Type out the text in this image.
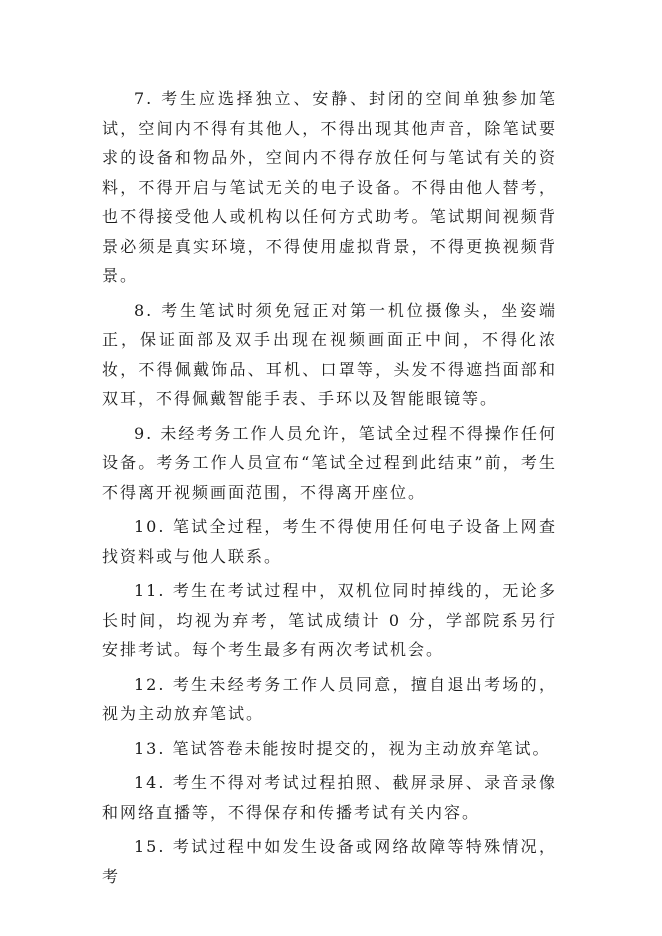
7. 考生应选择独立、安静、封闭的空间单独参加笔试，空间内不得有其他人，不得出现其他声音，除笔试要求的设备和物品外，空间内不得存放任何与笔试有关的资料，不得开启与笔试无关的电子设备。不得由他人替考，也不得接受他人或机构以任何方式助考。笔试期间视频背景必须是真实环境，不得使用虚拟背景，不得更换视频背景。

8. 考生笔试时须免冠正对第一机位摄像头，坐姿端正，保证面部及双手出现在视频画面正中间，不得化浓妆，不得佩戴饰品、耳机、口罩等，头发不得遮挡面部和双耳，不得佩戴智能手表、手环以及智能眼镜等。

9. 未经考务工作人员允许，笔试全过程不得操作任何设备。考务工作人员宣布“笔试全过程到此结束”前，考生不得离开视频画面范围，不得离开座位。

10. 笔试全过程，考生不得使用任何电子设备上网查找资料或与他人联系。

11. 考生在考试过程中，双机位同时掉线的，无论多长时间，均视为弃考，笔试成绩计 0 分，学部院系另行安排考试。每个考生最多有两次考试机会。

12. 考生未经考务工作人员同意，擅自退出考场的，视为主动放弃笔试。

13. 笔试答卷未能按时提交的，视为主动放弃笔试。

14. 考生不得对考试过程拍照、截屏录屏、录音录像和网络直播等，不得保存和传播考试有关内容。

15. 考试过程中如发生设备或网络故障等特殊情况，考
